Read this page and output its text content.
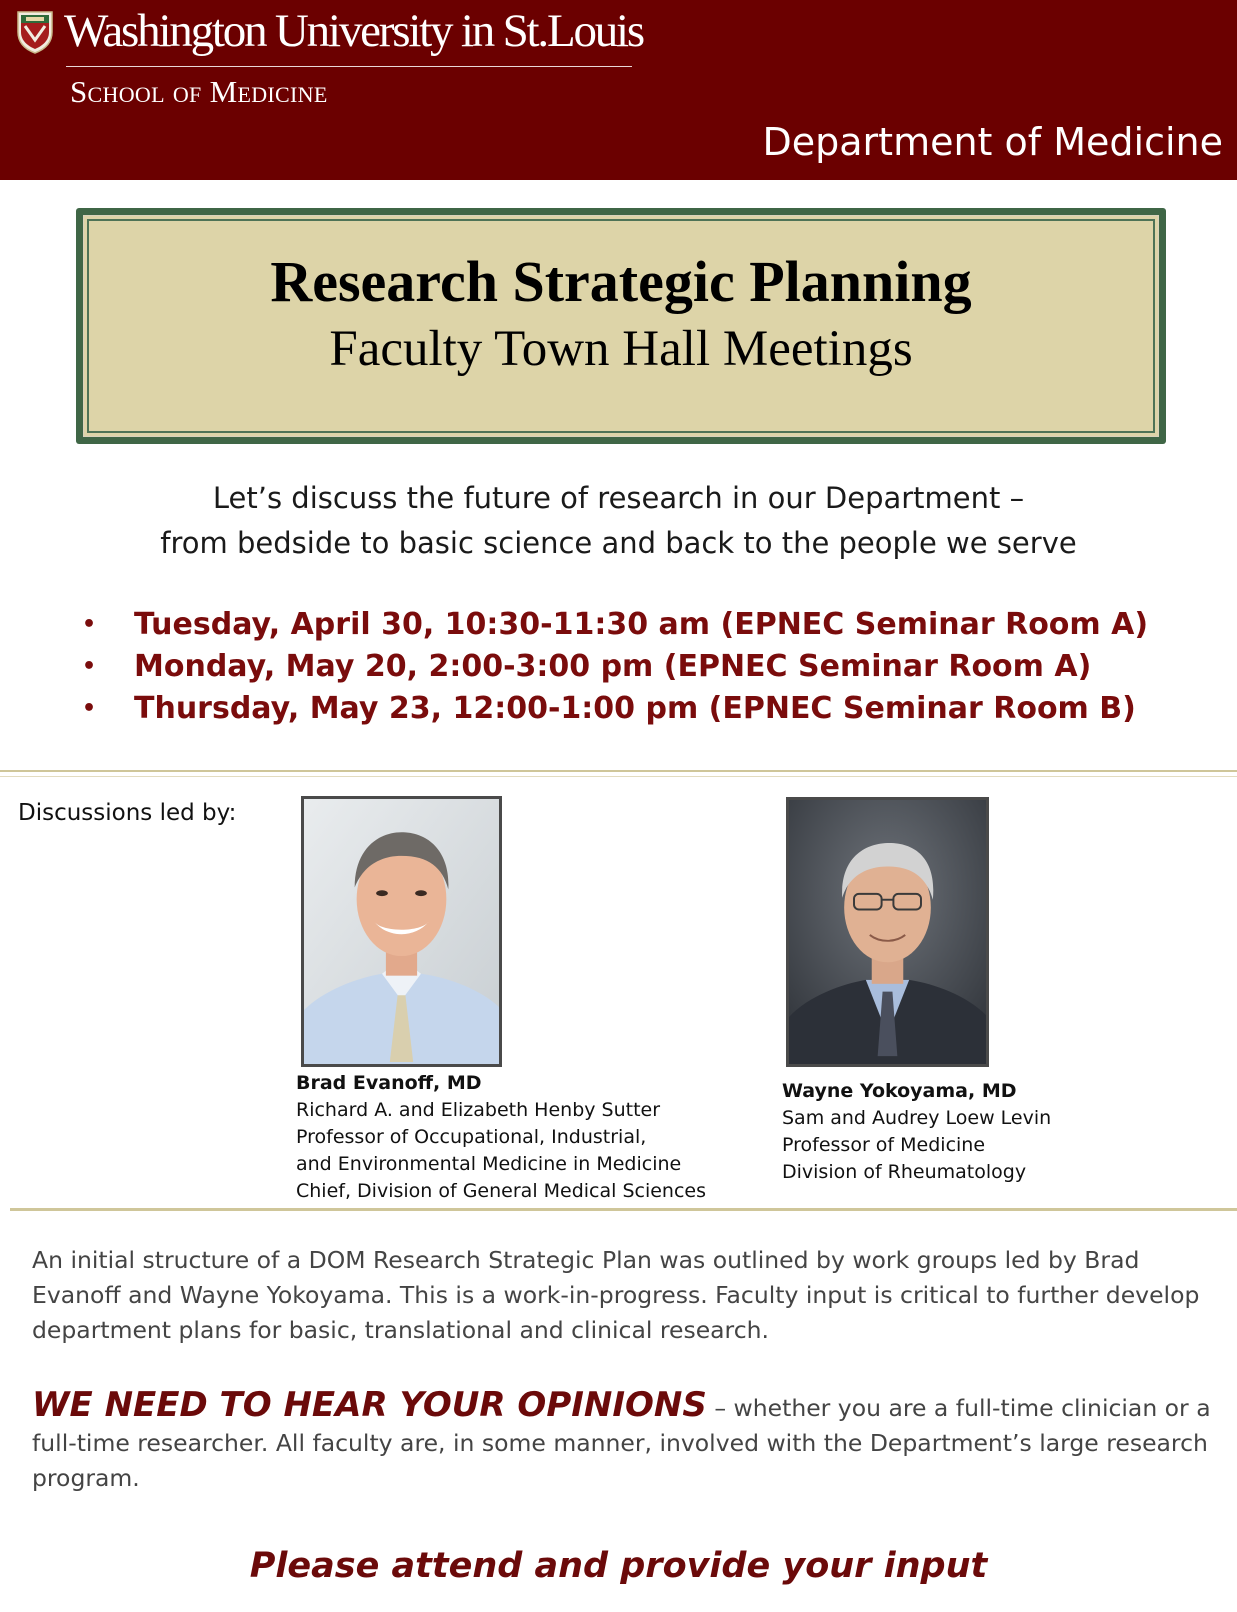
Washington University in St.Louis
School of Medicine
Department of Medicine
Research Strategic Planning
Faculty Town Hall Meetings
Let’s discuss the future of research in our Department –
from bedside to basic science and back to the people we serve
• Tuesday, April 30, 10:30-11:30 am (EPNEC Seminar Room A)
• Monday, May 20, 2:00-3:00 pm (EPNEC Seminar Room A)
• Thursday, May 23, 12:00-1:00 pm (EPNEC Seminar Room B)
Discussions led by:
Brad Evanoff, MD
Richard A. and Elizabeth Henby Sutter
Professor of Occupational, Industrial,
and Environmental Medicine in Medicine
Chief, Division of General Medical Sciences
Wayne Yokoyama, MD
Sam and Audrey Loew Levin
Professor of Medicine
Division of Rheumatology
An initial structure of a DOM Research Strategic Plan was outlined by work groups led by Brad Evanoff and Wayne Yokoyama. This is a work-in-progress. Faculty input is critical to further develop department plans for basic, translational and clinical research.
WE NEED TO HEAR YOUR OPINIONS – whether you are a full-time clinician or a full-time researcher. All faculty are, in some manner, involved with the Department’s large research program.
Please attend and provide your input
